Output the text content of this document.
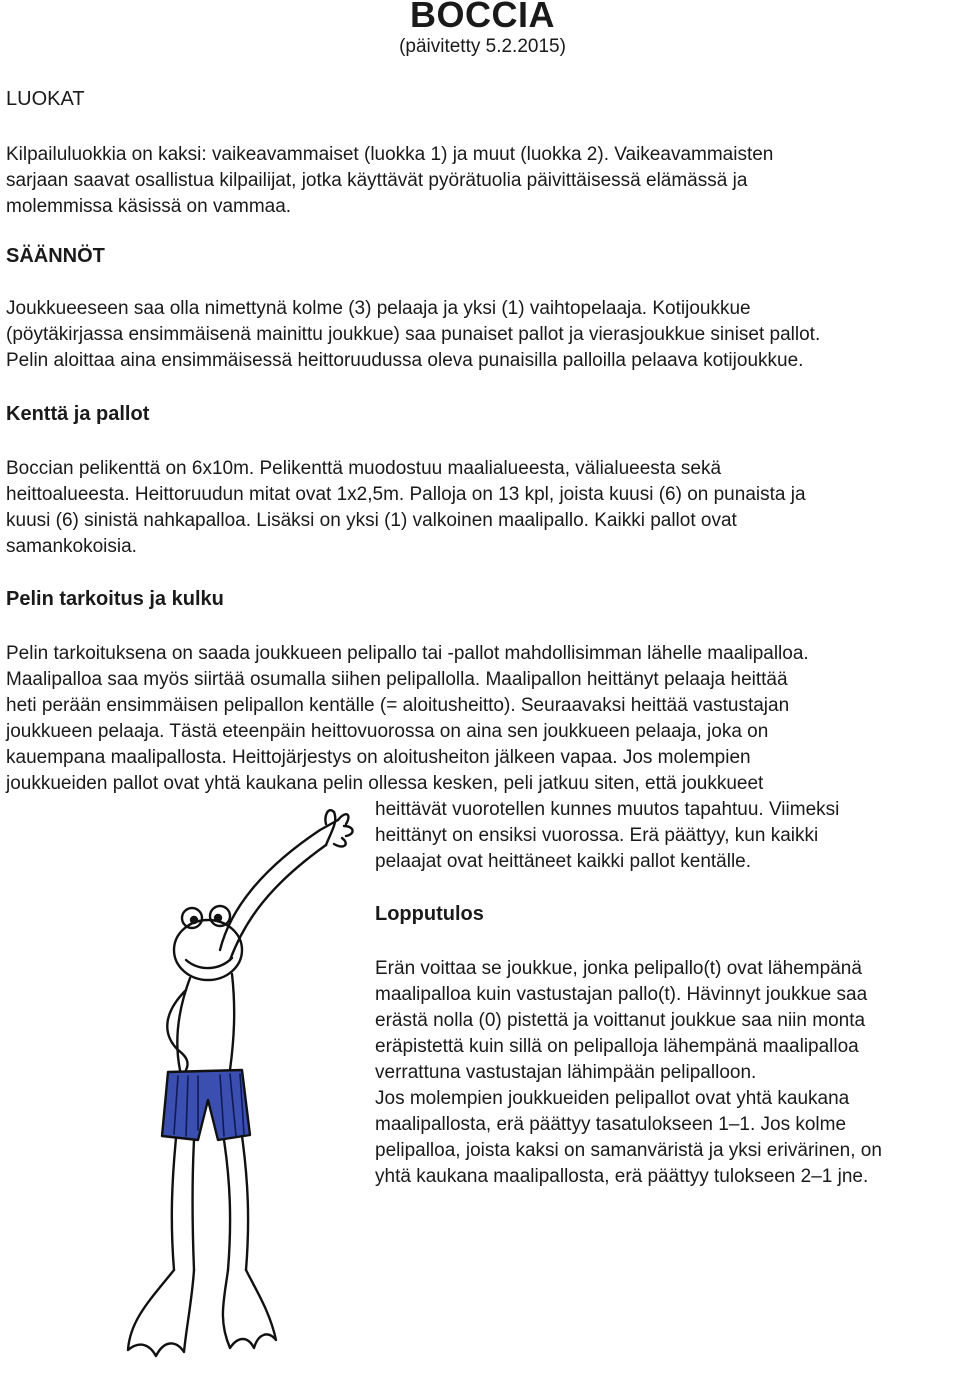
BOCCIA
(päivitetty 5.2.2015)
LUOKAT
Kilpailuluokkia on kaksi: vaikeavammaiset (luokka 1) ja muut (luokka 2). Vaikeavammaisten
sarjaan saavat osallistua kilpailijat, jotka käyttävät pyörätuolia päivittäisessä elämässä ja
molemmissa käsissä on vammaa.
SÄÄNNÖT
Joukkueeseen saa olla nimettynä kolme (3) pelaaja ja yksi (1) vaihtopelaaja. Kotijoukkue
(pöytäkirjassa ensimmäisenä mainittu joukkue) saa punaiset pallot ja vierasjoukkue siniset pallot.
Pelin aloittaa aina ensimmäisessä heittoruudussa oleva punaisilla palloilla pelaava kotijoukkue.
Kenttä ja pallot
Boccian pelikenttä on 6x10m. Pelikenttä muodostuu maalialueesta, välialueesta sekä
heittoalueesta. Heittoruudun mitat ovat 1x2,5m. Palloja on 13 kpl, joista kuusi (6) on punaista ja
kuusi (6) sinistä nahkapalloa. Lisäksi on yksi (1) valkoinen maalipallo. Kaikki pallot ovat
samankokoisia.
Pelin tarkoitus ja kulku
Pelin tarkoituksena on saada joukkueen pelipallo tai -pallot mahdollisimman lähelle maalipalloa.
Maalipalloa saa myös siirtää osumalla siihen pelipallolla. Maalipallon heittänyt pelaaja heittää
heti perään ensimmäisen pelipallon kentälle (= aloitusheitto). Seuraavaksi heittää vastustajan
joukkueen pelaaja. Tästä eteenpäin heittovuorossa on aina sen joukkueen pelaaja, joka on
kauempana maalipallosta. Heittojärjestys on aloitusheiton jälkeen vapaa. Jos molempien
joukkueiden pallot ovat yhtä kaukana pelin ollessa kesken, peli jatkuu siten, että joukkueet
heittävät vuorotellen kunnes muutos tapahtuu. Viimeksi
heittänyt on ensiksi vuorossa. Erä päättyy, kun kaikki
pelaajat ovat heittäneet kaikki pallot kentälle.
Lopputulos
Erän voittaa se joukkue, jonka pelipallo(t) ovat lähempänä
maalipalloa kuin vastustajan pallo(t). Hävinnyt joukkue saa
erästä nolla (0) pistettä ja voittanut joukkue saa niin monta
eräpistettä kuin sillä on pelipalloja lähempänä maalipalloa
verrattuna vastustajan lähimpään pelipalloon.
Jos molempien joukkueiden pelipallot ovat yhtä kaukana
maalipallosta, erä päättyy tasatulokseen 1–1. Jos kolme
pelipalloa, joista kaksi on samanväristä ja yksi erivärinen, on
yhtä kaukana maalipallosta, erä päättyy tulokseen 2–1 jne.
